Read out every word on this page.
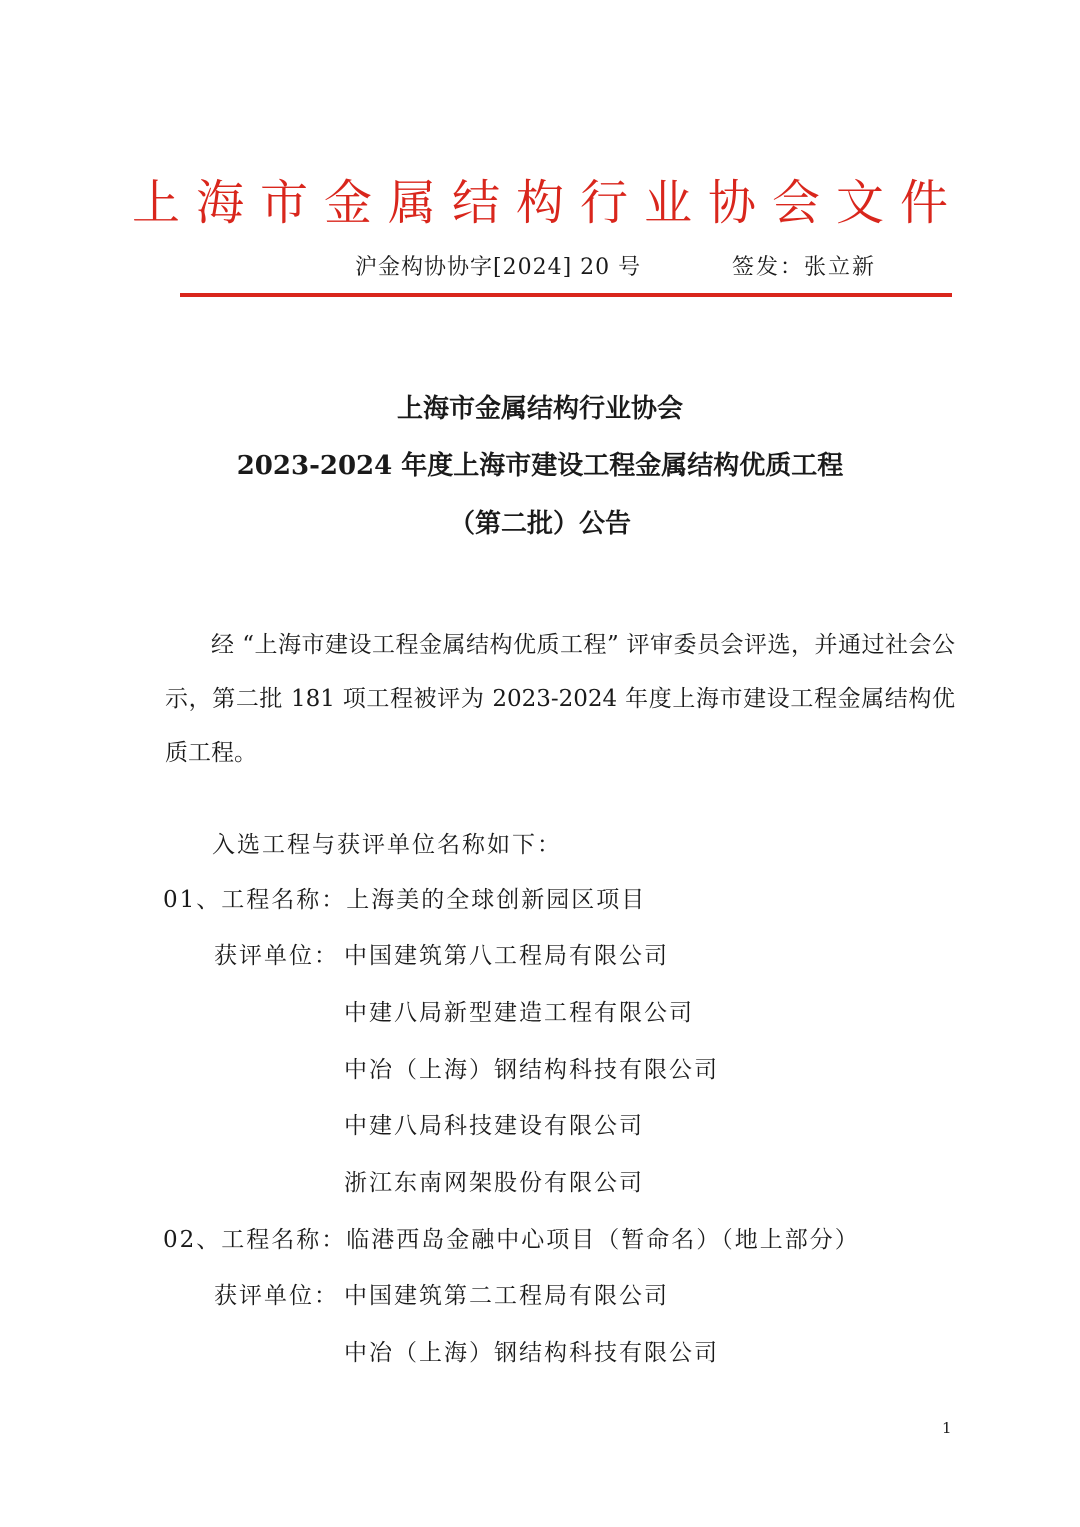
上海市金属结构行业协会文件
沪金构协协字[2024] 20 号	签发：张立新
上海市金属结构行业协会
2023-2024 年度上海市建设工程金属结构优质工程
（第二批）公告
经 “上海市建设工程金属结构优质工程” 评审委员会评选，并通过社会公示，第二批 181 项工程被评为 2023-2024 年度上海市建设工程金属结构优质工程。
入选工程与获评单位名称如下：
01、工程名称：上海美的全球创新园区项目
获评单位： 中国建筑第八工程局有限公司
中建八局新型建造工程有限公司
中冶（上海）钢结构科技有限公司
中建八局科技建设有限公司
浙江东南网架股份有限公司
02、工程名称：临港西岛金融中心项目（暂命名）（地上部分）
获评单位： 中国建筑第二工程局有限公司
中冶（上海）钢结构科技有限公司
1
